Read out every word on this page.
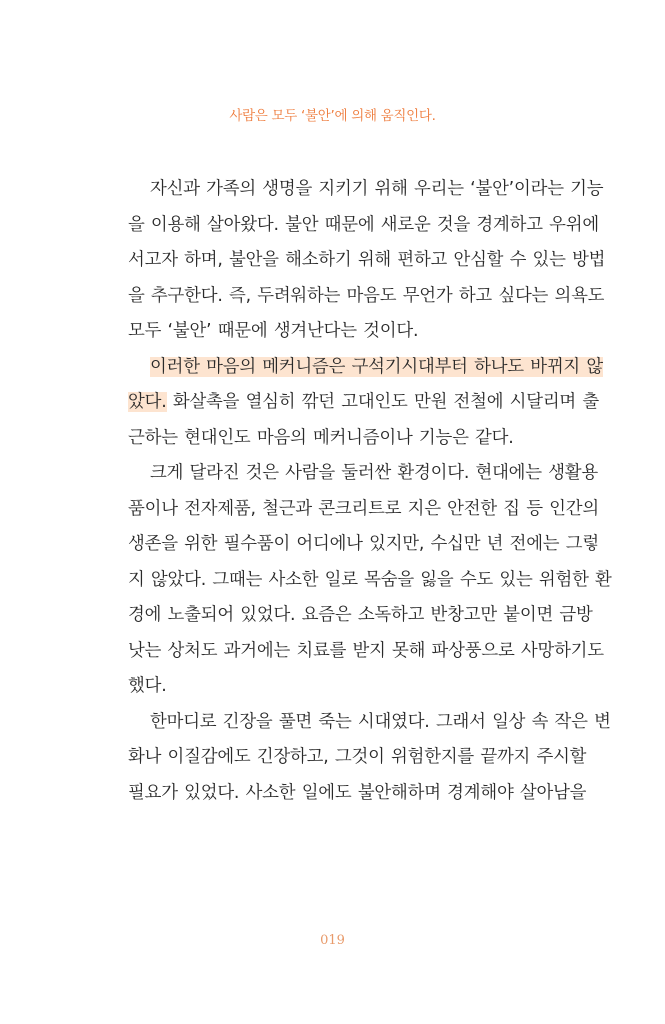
사람은 모두 ‘불안’에 의해 움직인다.
자신과 가족의 생명을 지키기 위해 우리는 ‘불안’이라는 기능
을 이용해 살아왔다. 불안 때문에 새로운 것을 경계하고 우위에
서고자 하며, 불안을 해소하기 위해 편하고 안심할 수 있는 방법
을 추구한다. 즉, 두려워하는 마음도 무언가 하고 싶다는 의욕도
모두 ‘불안’ 때문에 생겨난다는 것이다.
이러한 마음의 메커니즘은 구석기시대부터 하나도 바뀌지 않
았다. 화살촉을 열심히 깎던 고대인도 만원 전철에 시달리며 출
근하는 현대인도 마음의 메커니즘이나 기능은 같다.
크게 달라진 것은 사람을 둘러싼 환경이다. 현대에는 생활용
품이나 전자제품, 철근과 콘크리트로 지은 안전한 집 등 인간의
생존을 위한 필수품이 어디에나 있지만, 수십만 년 전에는 그렇
지 않았다. 그때는 사소한 일로 목숨을 잃을 수도 있는 위험한 환
경에 노출되어 있었다. 요즘은 소독하고 반창고만 붙이면 금방
낫는 상처도 과거에는 치료를 받지 못해 파상풍으로 사망하기도
했다.
한마디로 긴장을 풀면 죽는 시대였다. 그래서 일상 속 작은 변
화나 이질감에도 긴장하고, 그것이 위험한지를 끝까지 주시할
필요가 있었다. 사소한 일에도 불안해하며 경계해야 살아남을
019
